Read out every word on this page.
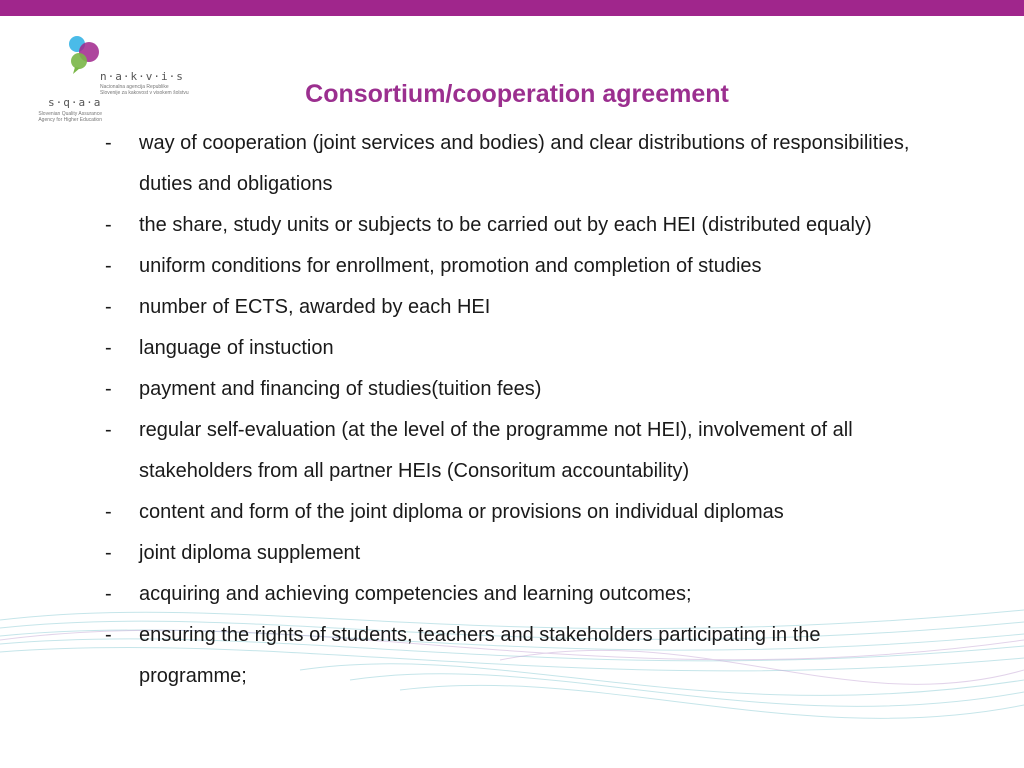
n·a·k·v·i·s
Nacionalna agencija Republike Slovenije za kakovost v visokem šolstvu
s·q·a·a
Slovenian Quality Assurance Agency for Higher Education
Consortium/cooperation agreement
- way of cooperation (joint services and bodies) and clear distributions of responsibilities, duties and obligations
- the share, study units or subjects to be carried out by each HEI (distributed equaly)
- uniform conditions for enrollment, promotion and completion of studies
- number of ECTS, awarded by each HEI
- language of instuction
- payment and financing of studies(tuition fees)
- regular self-evaluation (at the level of the programme not HEI), involvement of all stakeholders from all partner HEIs (Consoritum accountability)
- content and form of the joint diploma or provisions on individual diplomas
- joint diploma supplement
- acquiring and achieving competencies and learning outcomes;
- ensuring the rights of students, teachers and stakeholders participating in the programme;
